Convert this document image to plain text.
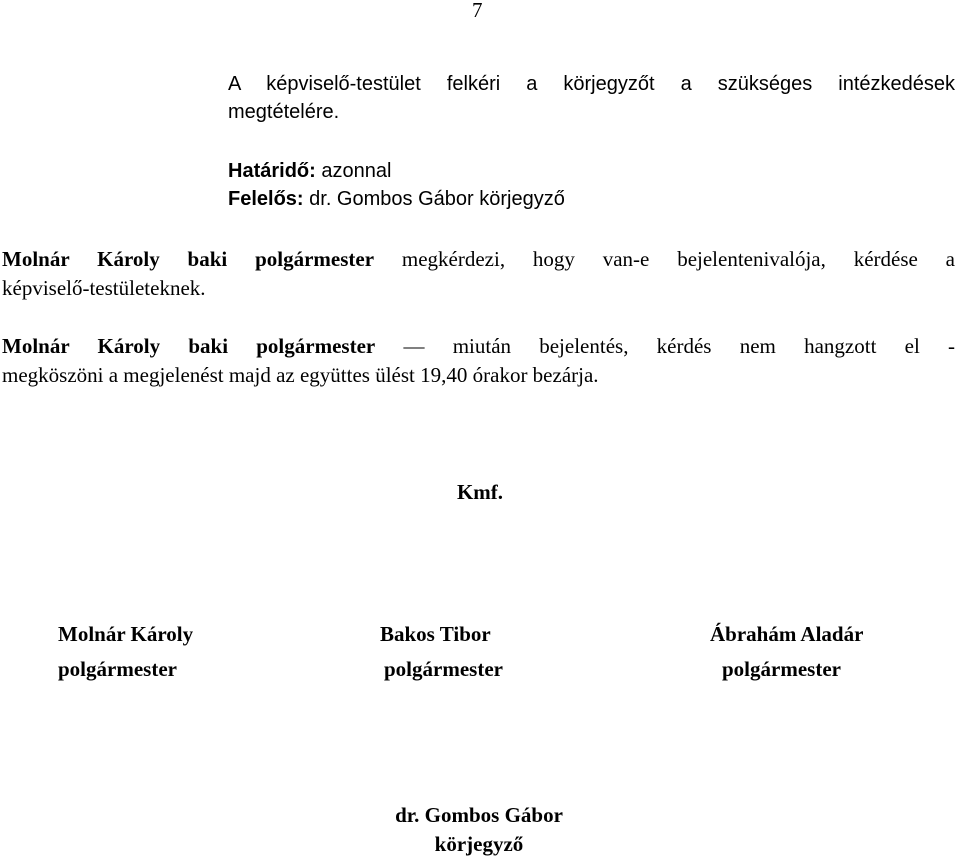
7
A képviselő-testület felkéri a körjegyzőt a szükséges intézkedések
megtételére.
Határidő: azonnal
Felelős: dr. Gombos Gábor körjegyző
Molnár Károly baki polgármester megkérdezi, hogy van-e bejelentenivalója, kérdése a
képviselő-testületeknek.
Molnár Károly baki polgármester — miután bejelentés, kérdés nem hangzott el -
megköszöni a megjelenést majd az együttes ülést 19,40 órakor bezárja.
Kmf.
Molnár Károly
polgármester
Bakos Tibor
polgármester
Ábrahám Aladár
polgármester
dr. Gombos Gábor
körjegyző
